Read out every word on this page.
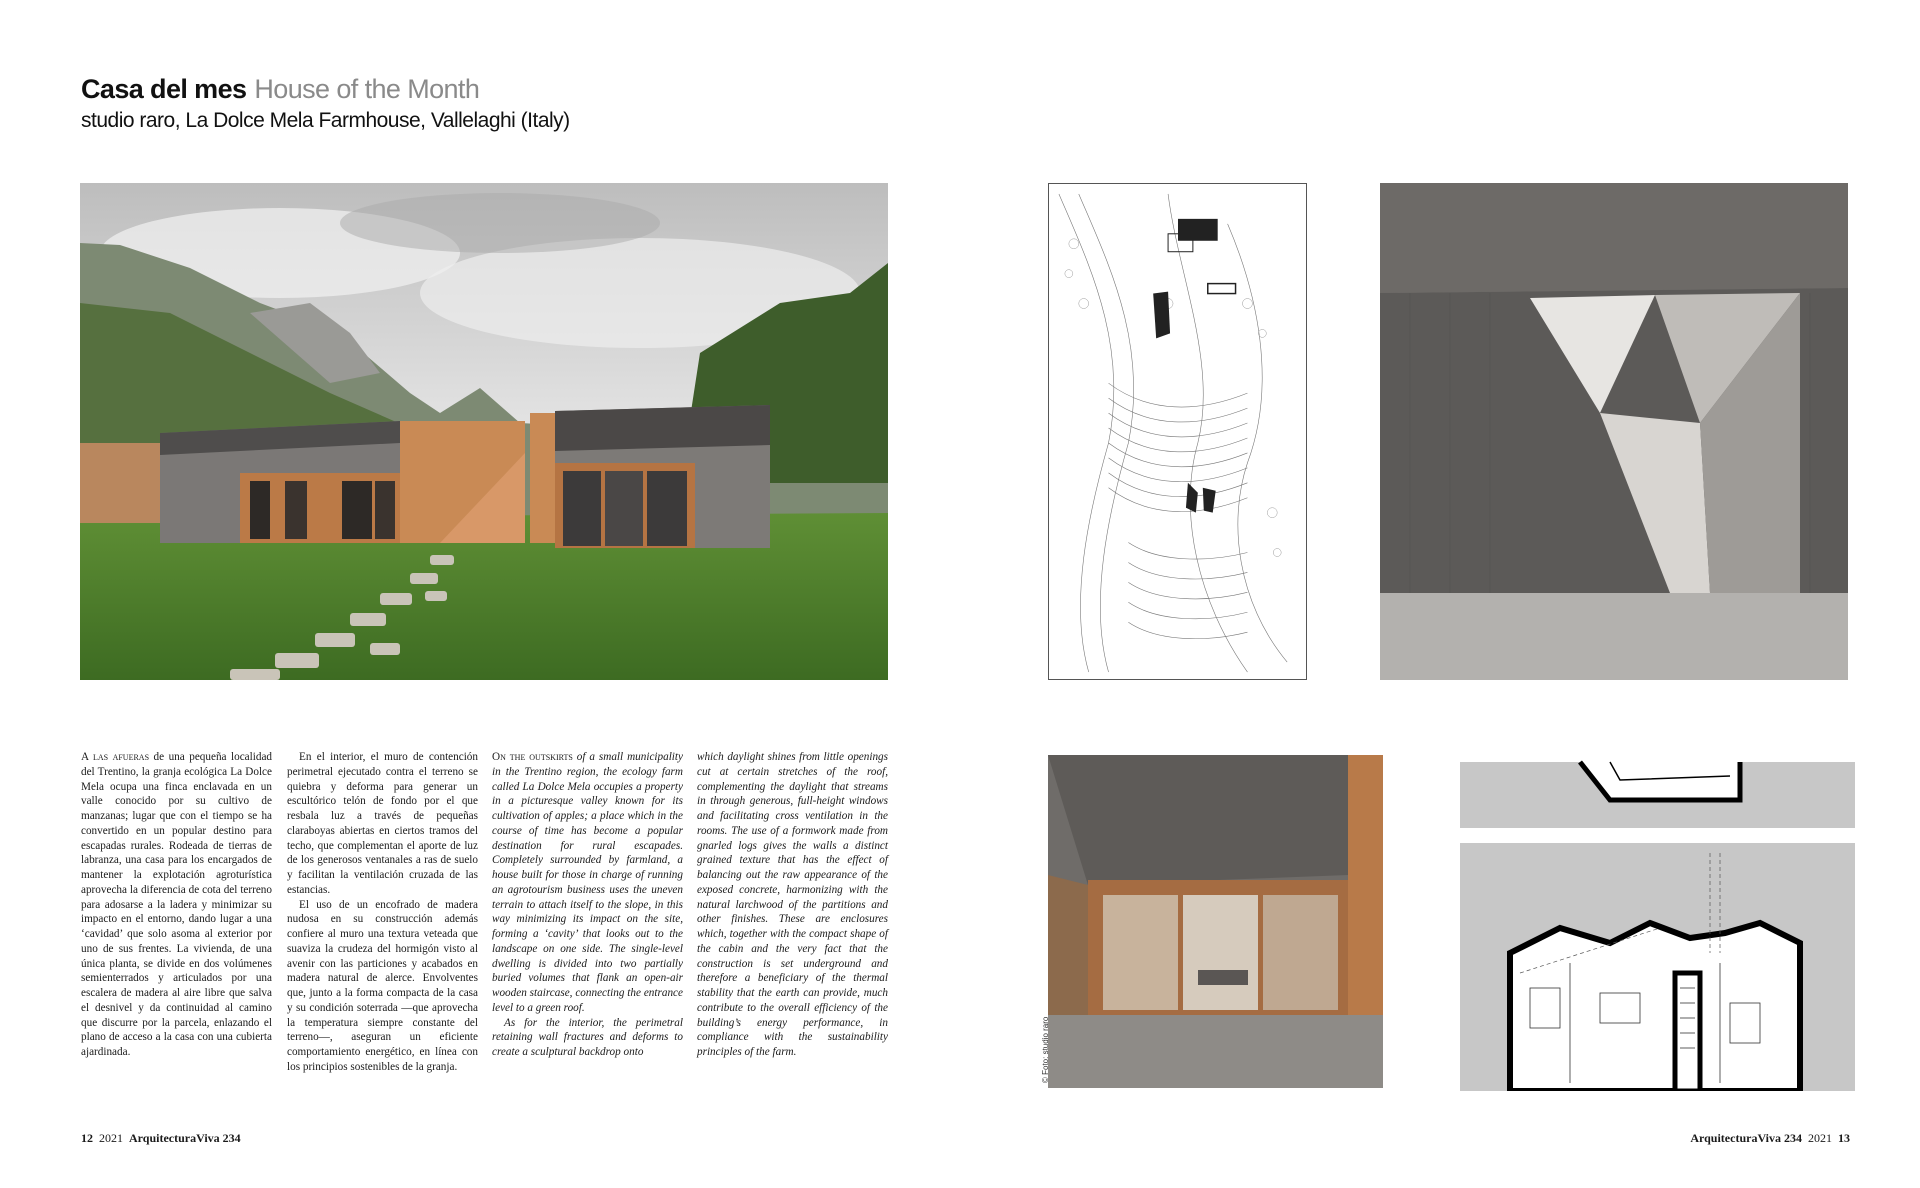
Casa del mes House of the Month
studio raro, La Dolce Mela Farmhouse, Vallelaghi (Italy)
© Foto: studio raro

A las afueras de una pequeña localidad del Trentino, la granja ecológica La Dolce Mela ocupa una finca enclavada en un valle conocido por su cultivo de manzanas; lugar que con el tiempo se ha convertido en un popular destino para escapadas rurales. Rodeada de tierras de labranza, una casa para los encargados de mantener la explotación agroturística aprovecha la diferencia de cota del terreno para adosarse a la ladera y minimizar su impacto en el entorno, dando lugar a una ‘cavidad’ que solo asoma al exterior por uno de sus frentes. La vivienda, de una única planta, se divide en dos volúmenes semienterrados y articulados por una escalera de madera al aire libre que salva el desnivel y da continuidad al camino que discurre por la parcela, enlazando el plano de acceso a la casa con una cubierta ajardinada.

En el interior, el muro de contención perimetral ejecutado contra el terreno se quiebra y deforma para generar un escultórico telón de fondo por el que resbala luz a través de pequeñas claraboyas abiertas en ciertos tramos del techo, que complementan el aporte de luz de los generosos ventanales a ras de suelo y facilitan la ventilación cruzada de las estancias.

El uso de un encofrado de madera nudosa en su construcción además confiere al muro una textura veteada que suaviza la crudeza del hormigón visto al avenir con las particiones y acabados en madera natural de alerce. Envolventes que, junto a la forma compacta de la casa y su condición soterrada —que aprovecha la temperatura siempre constante del terreno—, aseguran un eficiente comportamiento energético, en línea con los principios sostenibles de la granja.

On the outskirts of a small municipality in the Trentino region, the ecology farm called La Dolce Mela occupies a property in a picturesque valley known for its cultivation of apples; a place which in the course of time has become a popular destination for rural escapades. Completely surrounded by farmland, a house built for those in charge of running an agrotourism business uses the uneven terrain to attach itself to the slope, in this way minimizing its impact on the site, forming a ‘cavity’ that looks out to the landscape on one side. The single-level dwelling is divided into two partially buried volumes that flank an open-air wooden staircase, connecting the entrance level to a green roof.

As for the interior, the perimetral retaining wall fractures and deforms to create a sculptural backdrop onto

which daylight shines from little openings cut at certain stretches of the roof, complementing the daylight that streams in through generous, full-height windows and facilitating cross ventilation in the rooms. The use of a formwork made from gnarled logs gives the walls a distinct grained texture that has the effect of balancing out the raw appearance of the exposed concrete, harmonizing with the natural larchwood of the partitions and other finishes. These are enclosures which, together with the compact shape of the cabin and the very fact that the construction is set underground and therefore a beneficiary of the thermal stability that the earth can provide, much contribute to the overall efficiency of the building’s energy performance, in compliance with the sustainability principles of the farm.

12 2021 ArquitecturaViva 234	ArquitecturaViva 234 2021 13
